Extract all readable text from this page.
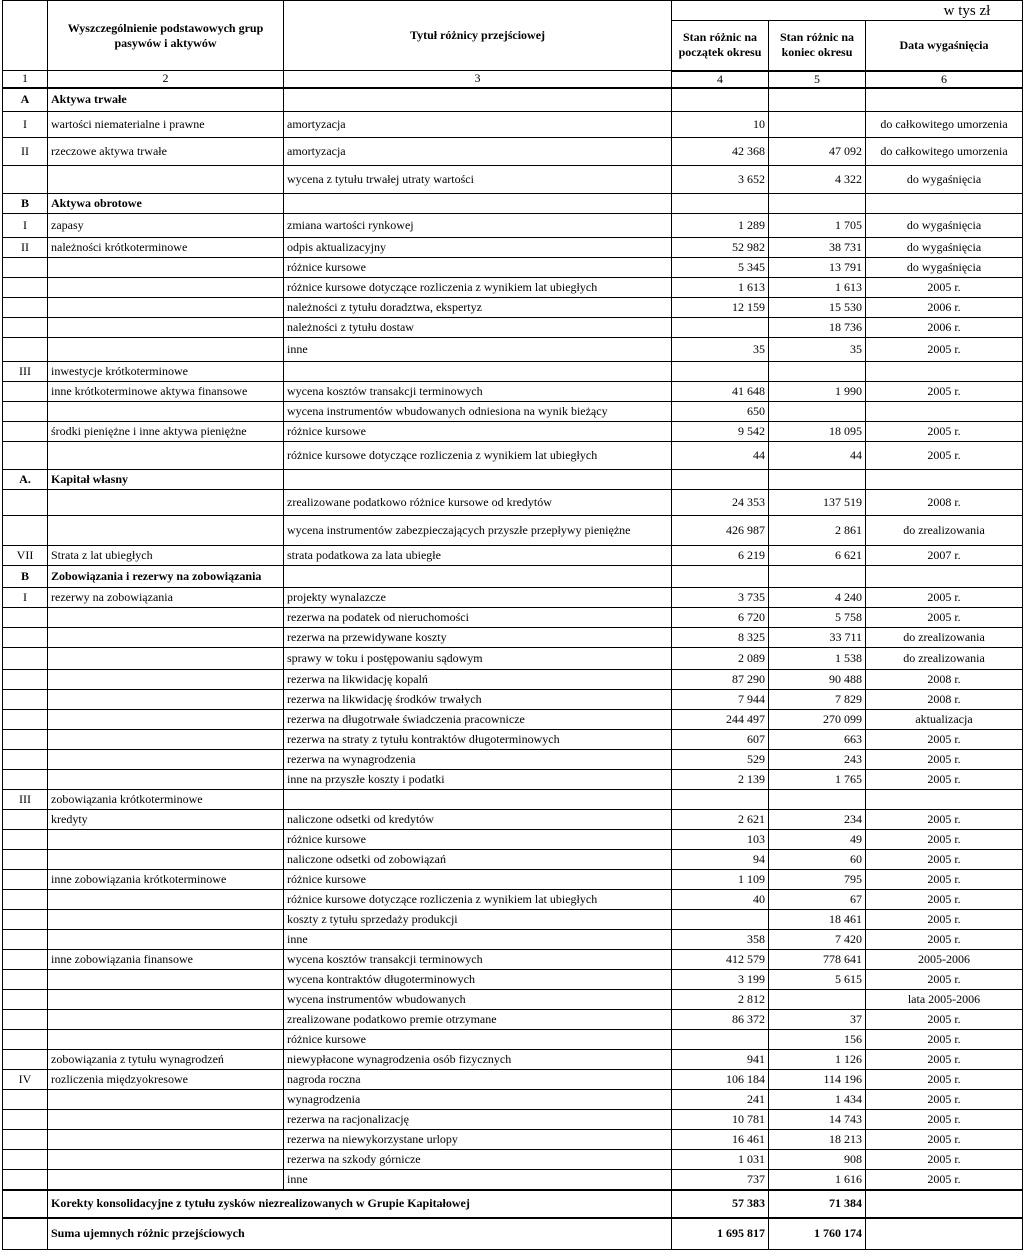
w tys zł
	Wyszczególnienie podstawowych grup pasywów i aktywów	Tytuł różnicy przejściowej			
			Stan różnic na początek okresu	Stan różnic na koniec okresu	Data wygaśnięcia
1	2	3	4	5	6
A	Aktywa trwałe				
I	wartości niematerialne i prawne	amortyzacja	10		do całkowitego umorzenia
II	rzeczowe aktywa trwałe	amortyzacja	42 368	47 092	do całkowitego umorzenia
		wycena z tytułu trwałej utraty wartości	3 652	4 322	do wygaśnięcia
B	Aktywa obrotowe				
I	zapasy	zmiana wartości rynkowej	1 289	1 705	do wygaśnięcia
II	należności krótkoterminowe	odpis aktualizacyjny	52 982	38 731	do wygaśnięcia
		różnice kursowe	5 345	13 791	do wygaśnięcia
		różnice kursowe dotyczące rozliczenia z wynikiem lat ubiegłych	1 613	1 613	2005 r.
		należności z tytułu doradztwa, ekspertyz	12 159	15 530	2006 r.
		należności z tytułu dostaw		18 736	2006 r.
		inne	35	35	2005 r.
III	inwestycje krótkoterminowe				
	inne krótkoterminowe aktywa finansowe	wycena kosztów transakcji terminowych	41 648	1 990	2005 r.
		wycena instrumentów wbudowanych odniesiona na wynik bieżący	650		
	środki pieniężne i inne aktywa pieniężne	różnice kursowe	9 542	18 095	2005 r.
		różnice kursowe dotyczące rozliczenia z wynikiem lat ubiegłych	44	44	2005 r.
A.	Kapitał własny				
		zrealizowane podatkowo różnice kursowe od kredytów	24 353	137 519	2008 r.
		wycena instrumentów zabezpieczających przyszłe przepływy pieniężne	426 987	2 861	do zrealizowania
VII	Strata z lat ubiegłych	strata podatkowa za lata ubiegłe	6 219	6 621	2007 r.
B	Zobowiązania i rezerwy na zobowiązania				
I	rezerwy na zobowiązania	projekty wynalazcze	3 735	4 240	2005 r.
		rezerwa na podatek od nieruchomości	6 720	5 758	2005 r.
		rezerwa na przewidywane koszty	8 325	33 711	do zrealizowania
		sprawy w toku i postępowaniu sądowym	2 089	1 538	do zrealizowania
		rezerwa na likwidację kopalń	87 290	90 488	2008 r.
		rezerwa na likwidację środków trwałych	7 944	7 829	2008 r.
		rezerwa na długotrwałe świadczenia pracownicze	244 497	270 099	aktualizacja
		rezerwa na straty z tytułu kontraktów długoterminowych	607	663	2005 r.
		rezerwa na wynagrodzenia	529	243	2005 r.
		inne na przyszłe koszty i podatki	2 139	1 765	2005 r.
III	zobowiązania krótkoterminowe				
	kredyty	naliczone odsetki od kredytów	2 621	234	2005 r.
		różnice kursowe	103	49	2005 r.
		naliczone odsetki od zobowiązań	94	60	2005 r.
	inne zobowiązania krótkoterminowe	różnice kursowe	1 109	795	2005 r.
		różnice kursowe dotyczące rozliczenia z wynikiem lat ubiegłych	40	67	2005 r.
		koszty z tytułu sprzedaży produkcji		18 461	2005 r.
		inne	358	7 420	2005 r.
	inne zobowiązania finansowe	wycena kosztów transakcji terminowych	412 579	778 641	2005-2006
		wycena kontraktów długoterminowych	3 199	5 615	2005 r.
		wycena instrumentów wbudowanych	2 812		lata 2005-2006
		zrealizowane podatkowo premie otrzymane	86 372	37	2005 r.
		różnice kursowe		156	2005 r.
	zobowiązania z tytułu wynagrodzeń	niewypłacone wynagrodzenia osób fizycznych	941	1 126	2005 r.
IV	rozliczenia międzyokresowe	nagroda roczna	106 184	114 196	2005 r.
		wynagrodzenia	241	1 434	2005 r.
		rezerwa na racjonalizację	10 781	14 743	2005 r.
		rezerwa na niewykorzystane urlopy	16 461	18 213	2005 r.
		rezerwa na szkody górnicze	1 031	908	2005 r.
		inne	737	1 616	2005 r.
	Korekty konsolidacyjne z tytułu zysków niezrealizowanych w Grupie Kapitałowej		57 383	71 384	
	Suma ujemnych różnic przejściowych		1 695 817	1 760 174	
